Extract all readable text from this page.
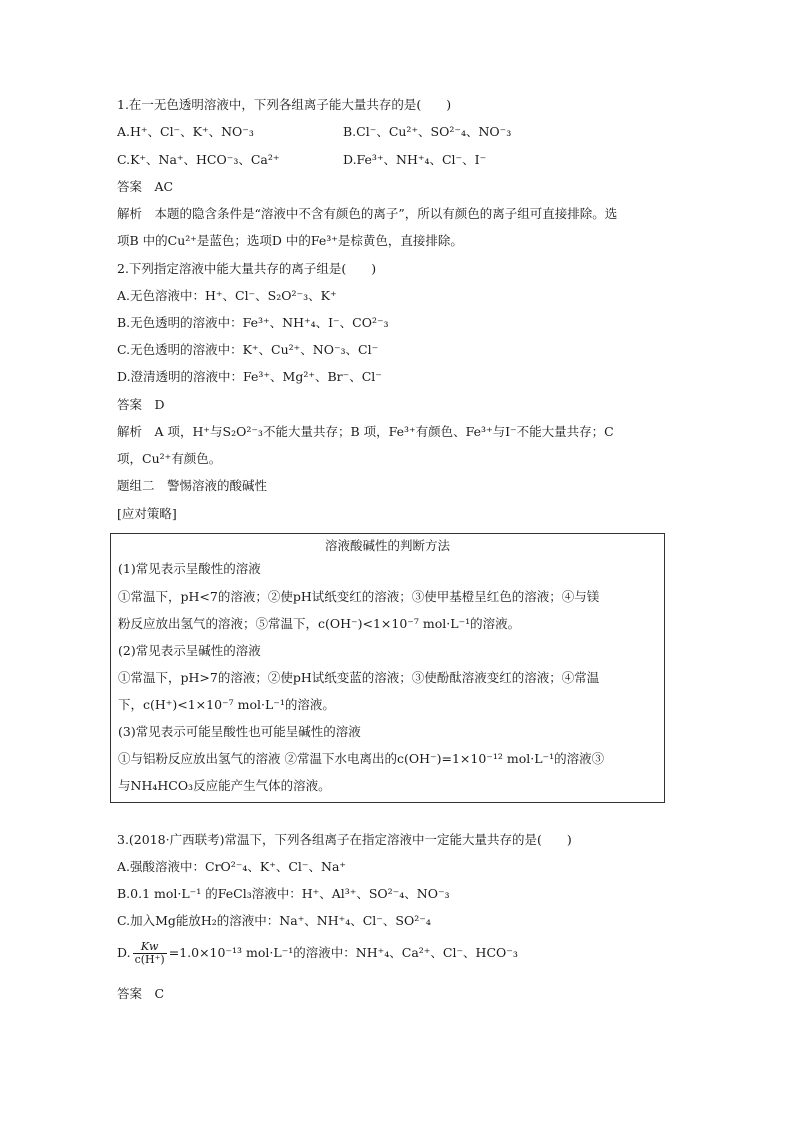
1.在一无色透明溶液中，下列各组离子能大量共存的是(　　)
A.H⁺、Cl⁻、K⁺、NO⁻₃	B.Cl⁻、Cu²⁺、SO²⁻₄、NO⁻₃
C.K⁺、Na⁺、HCO⁻₃、Ca²⁺	D.Fe³⁺、NH⁺₄、Cl⁻、I⁻
答案　AC
解析　本题的隐含条件是“溶液中不含有颜色的离子”，所以有颜色的离子组可直接排除。选
项B 中的Cu²⁺是蓝色；选项D 中的Fe³⁺是棕黄色，直接排除。
2.下列指定溶液中能大量共存的离子组是(　　)
A.无色溶液中：H⁺、Cl⁻、S₂O²⁻₃、K⁺
B.无色透明的溶液中：Fe³⁺、NH⁺₄、I⁻、CO²⁻₃
C.无色透明的溶液中：K⁺、Cu²⁺、NO⁻₃、Cl⁻
D.澄清透明的溶液中：Fe³⁺、Mg²⁺、Br⁻、Cl⁻
答案　D
解析　A 项，H⁺与S₂O²⁻₃不能大量共存；B 项，Fe³⁺有颜色、Fe³⁺与I⁻不能大量共存；C
项，Cu²⁺有颜色。
题组二　警惕溶液的酸碱性
[应对策略]
溶液酸碱性的判断方法
(1)常见表示呈酸性的溶液
①常温下，pH<7的溶液；②使pH试纸变红的溶液；③使甲基橙呈红色的溶液；④与镁
粉反应放出氢气的溶液；⑤常温下，c(OH⁻)<1×10⁻⁷ mol·L⁻¹的溶液。
(2)常见表示呈碱性的溶液
①常温下，pH>7的溶液；②使pH试纸变蓝的溶液；③使酚酞溶液变红的溶液；④常温
下，c(H⁺)<1×10⁻⁷ mol·L⁻¹的溶液。
(3)常见表示可能呈酸性也可能呈碱性的溶液
①与铝粉反应放出氢气的溶液 ②常温下水电离出的c(OH⁻)=1×10⁻¹² mol·L⁻¹的溶液③
与NH₄HCO₃反应能产生气体的溶液。
3.(2018·广西联考)常温下，下列各组离子在指定溶液中一定能大量共存的是(　　)
A.强酸溶液中：CrO²⁻₄、K⁺、Cl⁻、Na⁺
B.0.1 mol·L⁻¹ 的FeCl₃溶液中：H⁺、Al³⁺、SO²⁻₄、NO⁻₃
C.加入Mg能放H₂的溶液中：Na⁺、NH⁺₄、Cl⁻、SO²⁻₄
D. $\frac{Kw}{c(H^+)} =1.0\times 10^{-13}$ mol·L⁻¹的溶液中：NH⁺₄、Ca²⁺、Cl⁻、HCO⁻₃
答案　C
